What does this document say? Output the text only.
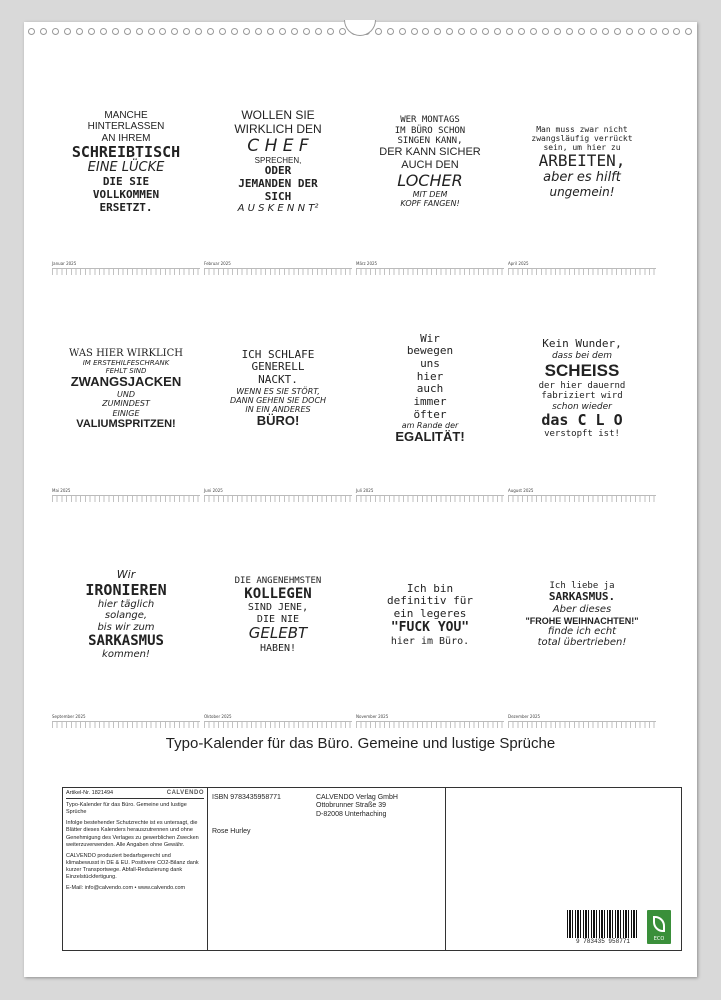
MANCHE
HINTERLASSEN
AN IHREM
SCHREIBTISCH
EINE LÜCKE
DIE SIE
VOLLKOMMEN
ERSETZT.
Januar 2025
WOLLEN SIE
WIRKLICH DEN
C H E F
SPRECHEN,
ODER
JEMANDEN DER
SICH
A U S K E N N T²
Februar 2025
WER MONTAGS
IM BÜRO SCHON
SINGEN KANN,
DER KANN SICHER
AUCH DEN
LOCHER
MIT DEM
KOPF FANGEN!
März 2025
Man muss zwar nicht
zwangsläufig verrückt
sein, um hier zu
ARBEITEN,
aber es hilft
ungemein!
April 2025
WAS HIER WIRKLICH
IM ERSTEHILFESCHRANK
FEHLT SIND
ZWANGSJACKEN
UND
ZUMINDEST
EINIGE
VALIUMSPRITZEN!
Mai 2025
ICH SCHLAFE
GENERELL
NACKT.
WENN ES SIE STÖRT,
DANN GEHEN SIE DOCH
IN EIN ANDERES
BÜRO!
Juni 2025
Wir
bewegen
uns
hier
auch
immer
öfter
am Rande der
EGALITÄT!
Juli 2025
Kein Wunder,
dass bei dem
SCHEISS
der hier dauernd
fabriziert wird
schon wieder
das C L O
verstopft ist!
August 2025
Wir
IRONIEREN
hier täglich
solange,
bis wir zum
SARKASMUS
kommen!
September 2025
DIE ANGENEHMSTEN
KOLLEGEN
SIND JENE,
DIE NIE
GELEBT
HABEN!
Oktober 2025
Ich bin
definitiv für
ein legeres
"FUCK YOU"
hier im Büro.
November 2025
Ich liebe ja
SARKASMUS.
Aber dieses
"FROHE WEIHNACHTEN!"
finde ich echt
total übertrieben!
Dezember 2025
Typo-Kalender für das Büro. Gemeine und lustige Sprüche
Artikel-Nr. 1821494	CALVENDO

Typo-Kalender für das Büro. Gemeine und lustige Sprüche

Infolge bestehender Schutzrechte ist es untersagt, die Blätter dieses Kalenders herauszutrennen und ohne Genehmigung des Verlages zu gewerblichen Zwecken weiterzuverwenden. Alle Angaben ohne Gewähr.

CALVENDO produziert bedarfsgerecht und klimabewusst in DE & EU. Positivere CO2-Bilanz dank kurzer Transportwege. Abfall-Reduzierung dank Einzelstückfertigung.

E-Mail: info@calvendo.com • www.calvendo.com

ISBN 9783435958771	CALVENDO Verlag GmbH
Ottobrunner Straße 39
D-82008 Unterhaching
Rose Hurley
9 783435 958771	ECO
